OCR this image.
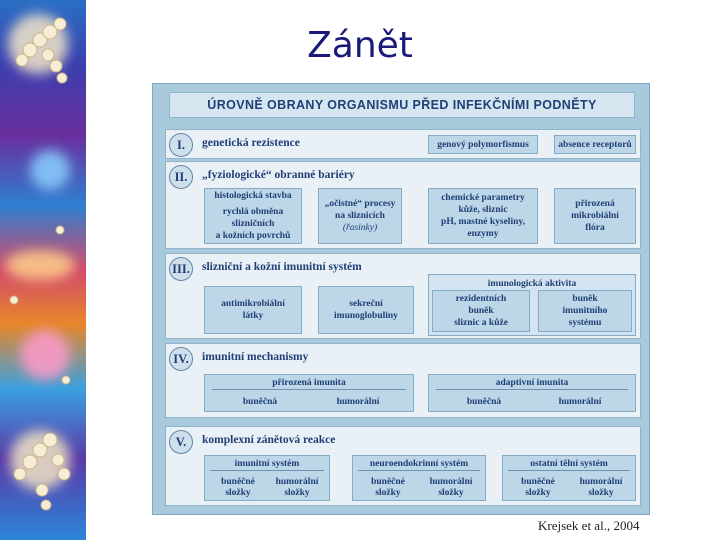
Zánět
ÚROVNĚ OBRANY ORGANISMU PŘED INFEKČNÍMI PODNĚTY
I.	genetická rezistence	genový polymorfismus	absence receptorů
II.	„fyziologické“ obranné bariéry
histologická stavba
rychlá obměna
slizničních
a kožních povrchů
„očistné“ procesy
na sliznicích
(řasinky)
chemické parametry
kůže, sliznic
pH, mastné kyseliny,
enzymy
přirozená
mikrobiální
flóra
III. slizniční a kožní imunitní systém
antimikrobiální
látky
sekreční
imunoglobuliny
imunologická aktivita
rezidentních
buněk
sliznic a kůže
buněk
imunitního
systému
IV.	imunitní mechanismy
přirozená imunita
buněčná	humorální
adaptivní imunita
buněčná	humorální
V.	komplexní zánětová reakce
imunitní systém
buněčné
složky
humorální
složky
neuroendokrinní systém
buněčné
složky
humorální
složky
ostatní tělní systém
buněčné
složky
humorální
složky
Krejsek et al., 2004
